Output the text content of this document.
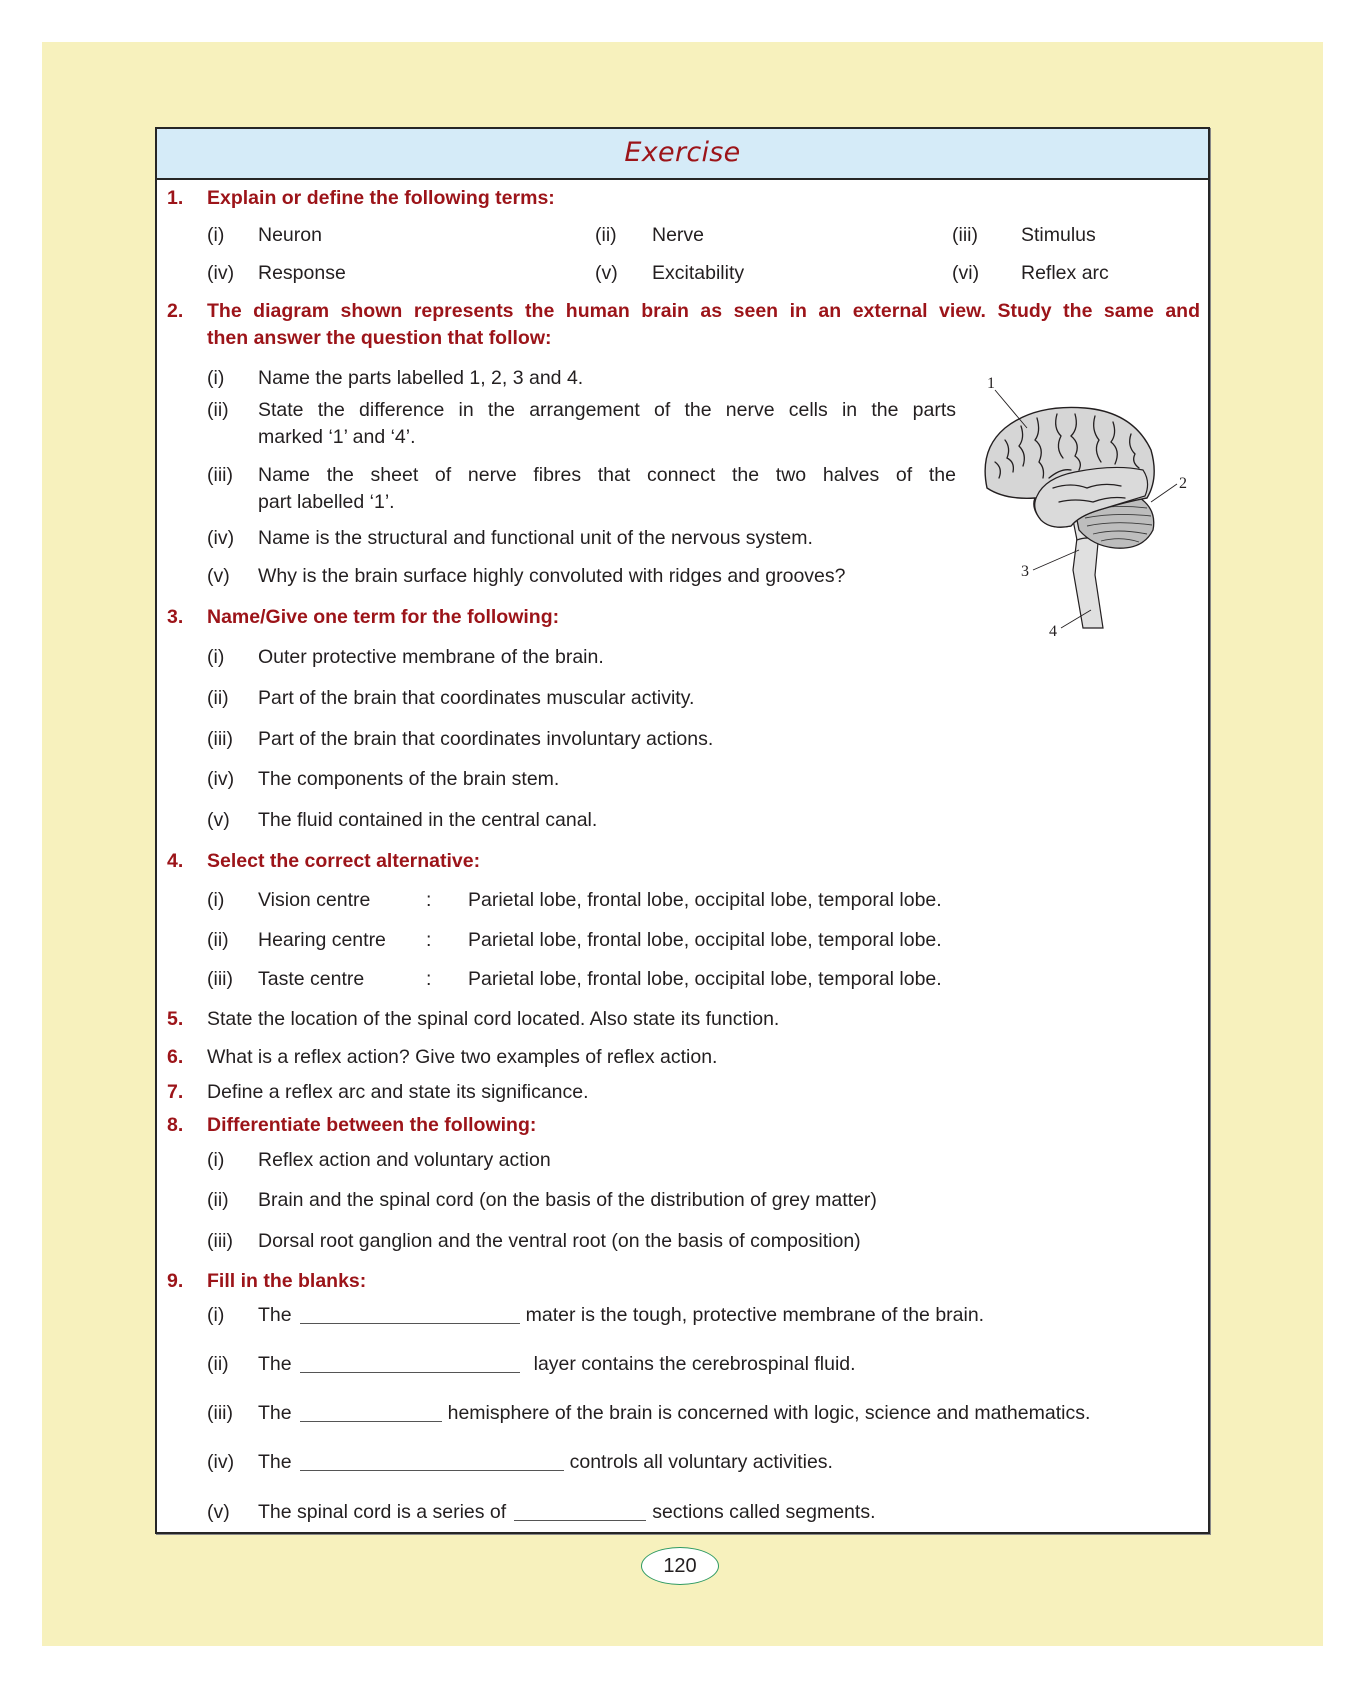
Exercise
1. Explain or define the following terms:
(i) Neuron	(ii) Nerve	(iii) Stimulus
(iv) Response	(v) Excitability	(vi) Reflex arc
2. The diagram shown represents the human brain as seen in an external view. Study the same and
then answer the question that follow:
(i) Name the parts labelled 1, 2, 3 and 4.
(ii) State the difference in the arrangement of the nerve cells in the parts
marked ‘1’ and ‘4’.
(iii) Name the sheet of nerve fibres that connect the two halves of the
part labelled ‘1’.
(iv) Name is the structural and functional unit of the nervous system.
(v) Why is the brain surface highly convoluted with ridges and grooves?
1
2
3
4
3. Name/Give one term for the following:
(i) Outer protective membrane of the brain.
(ii) Part of the brain that coordinates muscular activity.
(iii) Part of the brain that coordinates involuntary actions.
(iv) The components of the brain stem.
(v) The fluid contained in the central canal.
4. Select the correct alternative:
(i) Vision centre	: Parietal lobe, frontal lobe, occipital lobe, temporal lobe.
(ii) Hearing centre : Parietal lobe, frontal lobe, occipital lobe, temporal lobe.
(iii) Taste centre	: Parietal lobe, frontal lobe, occipital lobe, temporal lobe.
5. State the location of the spinal cord located. Also state its function.
6. What is a reflex action? Give two examples of reflex action.
7. Define a reflex arc and state its significance.
8. Differentiate between the following:
(i) Reflex action and voluntary action
(ii) Brain and the spinal cord (on the basis of the distribution of grey matter)
(iii) Dorsal root ganglion and the ventral root (on the basis of composition)
9. Fill in the blanks:
(i) The	mater is the tough, protective membrane of the brain.
(ii) The	layer contains the cerebrospinal fluid.
(iii) The	hemisphere of the brain is concerned with logic, science and mathematics.
(iv) The	controls all voluntary activities.
(v) The spinal cord is a series of	sections called segments.
120
